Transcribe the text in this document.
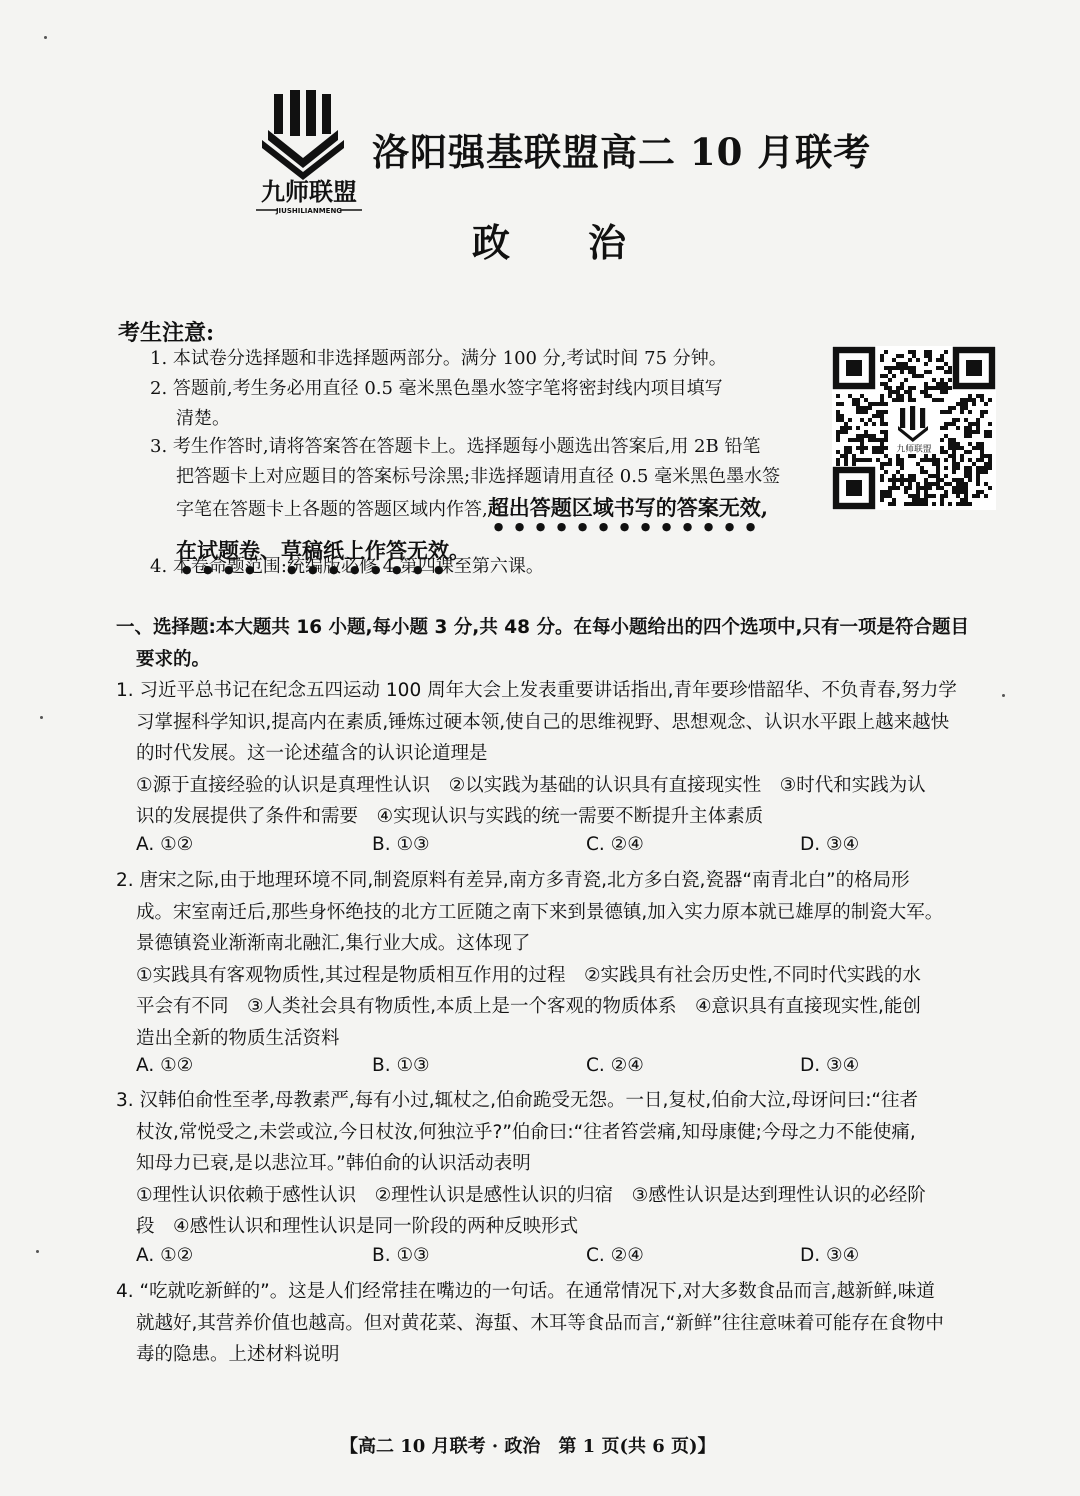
九师联盟
JIUSHILIANMENG
洛阳强基联盟高二 10 月联考
政治
考生注意:
1. 本试卷分选择题和非选择题两部分。满分 100 分,考试时间 75 分钟。
2. 答题前,考生务必用直径 0.5 毫米黑色墨水签字笔将密封线内项目填写
清楚。
3. 考生作答时,请将答案答在答题卡上。选择题每小题选出答案后,用 2B 铅笔
把答题卡上对应题目的答案标号涂黑;非选择题请用直径 0.5 毫米黑色墨水签
字笔在答题卡上各题的答题区域内作答,超出答题区域书写的答案无效,
在试题卷、草稿纸上作答无效。
4. 本卷命题范围:统编版必修 4 第四课至第六课。
九师联盟
一、选择题:本大题共 16 小题,每小题 3 分,共 48 分。在每小题给出的四个选项中,只有一项是符合题目
要求的。
1. 习近平总书记在纪念五四运动 100 周年大会上发表重要讲话指出,青年要珍惜韶华、不负青春,努力学
习掌握科学知识,提高内在素质,锤炼过硬本领,使自己的思维视野、思想观念、认识水平跟上越来越快
的时代发展。这一论述蕴含的认识论道理是
①源于直接经验的认识是真理性认识　②以实践为基础的认识具有直接现实性　③时代和实践为认
识的发展提供了条件和需要　④实现认识与实践的统一需要不断提升主体素质
A. ①②	B. ①③	C. ②④	D. ③④
2. 唐宋之际,由于地理环境不同,制瓷原料有差异,南方多青瓷,北方多白瓷,瓷器“南青北白”的格局形
成。宋室南迁后,那些身怀绝技的北方工匠随之南下来到景德镇,加入实力原本就已雄厚的制瓷大军。
景德镇瓷业渐渐南北融汇,集行业大成。这体现了
①实践具有客观物质性,其过程是物质相互作用的过程　②实践具有社会历史性,不同时代实践的水
平会有不同　③人类社会具有物质性,本质上是一个客观的物质体系　④意识具有直接现实性,能创
造出全新的物质生活资料
A. ①②	B. ①③	C. ②④	D. ③④
3. 汉韩伯俞性至孝,母教素严,每有小过,辄杖之,伯俞跪受无怨。一日,复杖,伯俞大泣,母讶问曰:“往者
杖汝,常悦受之,未尝或泣,今日杖汝,何独泣乎?”伯俞曰:“往者笞尝痛,知母康健;今母之力不能使痛,
知母力已衰,是以悲泣耳。”韩伯俞的认识活动表明
①理性认识依赖于感性认识　②理性认识是感性认识的归宿　③感性认识是达到理性认识的必经阶
段　④感性认识和理性认识是同一阶段的两种反映形式
A. ①②	B. ①③	C. ②④	D. ③④
4. “吃就吃新鲜的”。这是人们经常挂在嘴边的一句话。在通常情况下,对大多数食品而言,越新鲜,味道
就越好,其营养价值也越高。但对黄花菜、海蜇、木耳等食品而言,“新鲜”往往意味着可能存在食物中
毒的隐患。上述材料说明
【高二 10 月联考 · 政治　第 1 页(共 6 页)】
